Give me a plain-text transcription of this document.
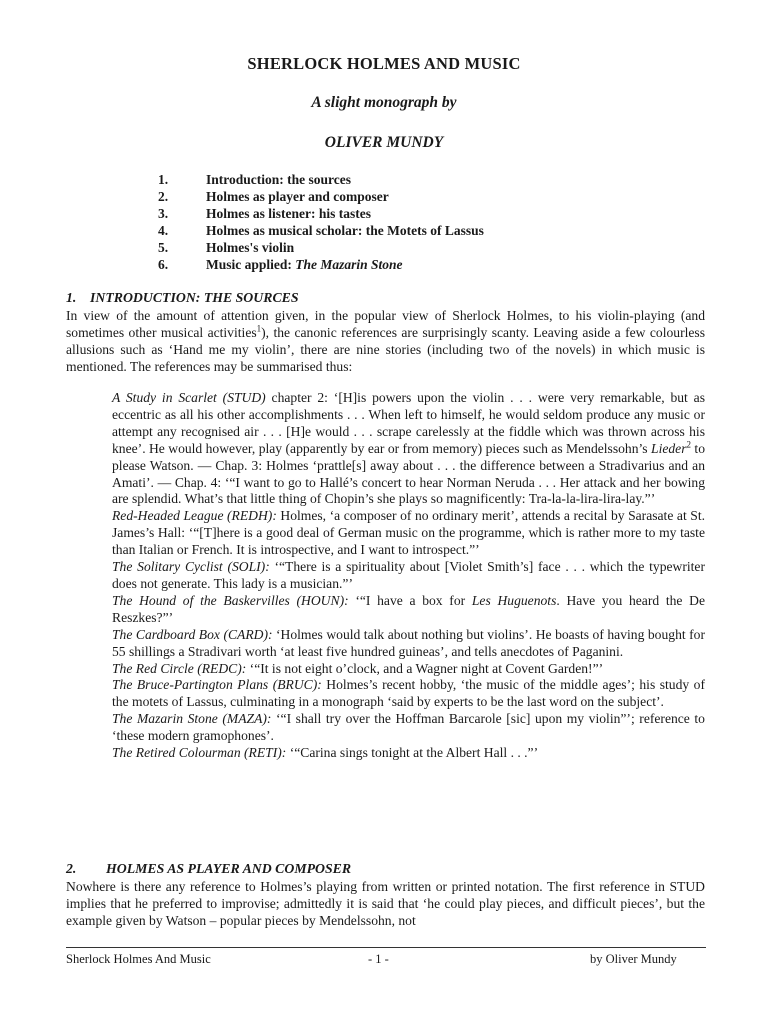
SHERLOCK HOLMES AND MUSIC
A slight monograph by
OLIVER MUNDY
1.	Introduction: the sources
2.	Holmes as player and composer
3.	Holmes as listener: his tastes
4.	Holmes as musical scholar: the Motets of Lassus
5.	Holmes's violin
6.	Music applied: The Mazarin Stone
1. INTRODUCTION: THE SOURCES
In view of the amount of attention given, in the popular view of Sherlock Holmes, to his violin-playing (and sometimes other musical activities$^1$), the canonic references are surprisingly scanty. Leaving aside a few colourless allusions such as ‘Hand me my violin’, there are nine stories (including two of the novels) in which music is mentioned. The references may be summarised thus:

A Study in Scarlet (STUD) chapter 2: ‘[H]is powers upon the violin . . . were very remarkable, but as eccentric as all his other accomplishments . . . When left to himself, he would seldom produce any music or attempt any recognised air . . . [H]e would . . . scrape carelessly at the fiddle which was thrown across his knee’. He would however, play (apparently by ear or from memory) pieces such as Mendelssohn’s Lieder$^2$ to please Watson. — Chap. 3: Holmes ‘prattle[s] away about . . . the difference between a Stradivarius and an Amati’. — Chap. 4: ‘“I want to go to Hallé’s concert to hear Norman Neruda . . . Her attack and her bowing are splendid. What’s that little thing of Chopin’s she plays so magnificently: Tra-la-la-lira-lira-lay.”’

Red-Headed League (REDH): Holmes, ‘a composer of no ordinary merit’, attends a recital by Sarasate at St. James’s Hall: ‘“[T]here is a good deal of German music on the programme, which is rather more to my taste than Italian or French. It is introspective, and I want to introspect.”’

The Solitary Cyclist (SOLI): ‘“There is a spirituality about [Violet Smith’s] face . . . which the typewriter does not generate. This lady is a musician.”’

The Hound of the Baskervilles (HOUN): ‘“I have a box for Les Huguenots. Have you heard the De Reszkes?”’

The Cardboard Box (CARD): ‘Holmes would talk about nothing but violins’. He boasts of having bought for 55 shillings a Stradivari worth ‘at least five hundred guineas’, and tells anecdotes of Paganini.

The Red Circle (REDC): ‘“It is not eight o’clock, and a Wagner night at Covent Garden!”’

The Bruce-Partington Plans (BRUC): Holmes’s recent hobby, ‘the music of the middle ages’; his study of the motets of Lassus, culminating in a monograph ‘said by experts to be the last word on the subject’.

The Mazarin Stone (MAZA): ‘“I shall try over the Hoffman Barcarole [sic] upon my violin”’; reference to ‘these modern gramophones’.

The Retired Colourman (RETI): ‘“Carina sings tonight at the Albert Hall . . .”’

2. HOLMES AS PLAYER AND COMPOSER
Nowhere is there any reference to Holmes’s playing from written or printed notation. The first reference in STUD implies that he preferred to improvise; admittedly it is said that ‘he could play pieces, and difficult pieces’, but the example given by Watson – popular pieces by Mendelssohn, not
Sherlock Holmes And Music	- 1 -	by Oliver Mundy
